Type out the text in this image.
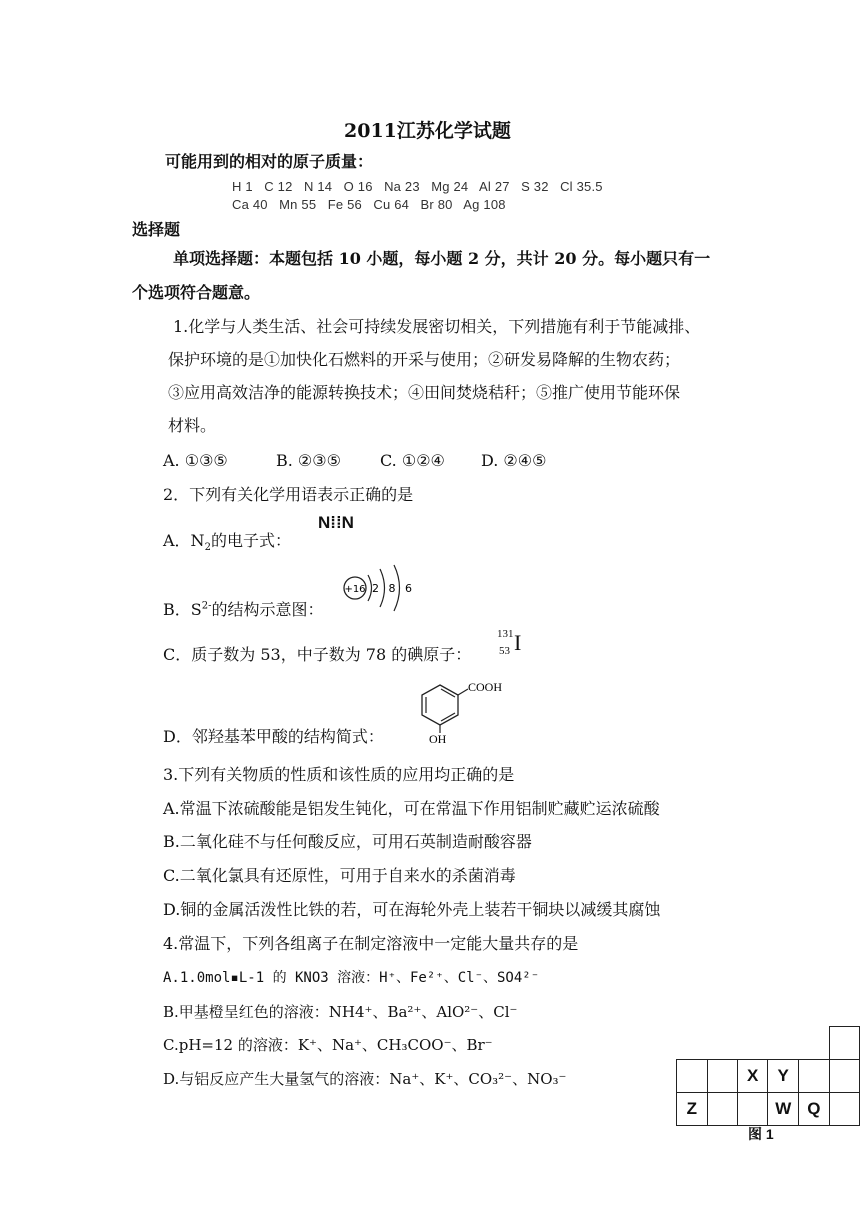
2011江苏化学试题
可能用到的相对的原子质量：
H 1   C 12   N 14   O 16   Na 23   Mg 24   Al 27   S 32   Cl 35.5
Ca 40   Mn 55   Fe 56   Cu 64   Br 80   Ag 108
选择题
单项选择题：本题包括 10 小题，每小题 2 分，共计 20 分。每小题只有一
个选项符合题意。
1.化学与人类生活、社会可持续发展密切相关，下列措施有利于节能减排、
保护环境的是①加快化石燃料的开采与使用；②研发易降解的生物农药；
③应用高效洁净的能源转换技术；④田间焚烧秸秆；⑤推广使用节能环保
材料。
A. ①③⑤	B. ②③⑤ C. ①②④ D. ②④⑤
2．下列有关化学用语表示正确的是
A．$N_2$的电子式：
N⁞⁞N
B．$S^{2-}$的结构示意图：
+16 2 8 6
C．质子数为 53，中子数为 78 的碘原子：
131
53 I
D．邻羟基苯甲酸的结构简式：
COOH
OH
3.下列有关物质的性质和该性质的应用均正确的是
A.常温下浓硫酸能是铝发生钝化，可在常温下作用铝制贮藏贮运浓硫酸
B.二氧化硅不与任何酸反应，可用石英制造耐酸容器
C.二氧化氯具有还原性，可用于自来水的杀菌消毒
D.铜的金属活泼性比铁的若，可在海轮外壳上装若干铜块以减缓其腐蚀
4.常温下，下列各组离子在制定溶液中一定能大量共存的是
A.1.0mol▪L-1 的 KNO3 溶液：H⁺、Fe²⁺、Cl⁻、SO4²⁻
B.甲基橙呈红色的溶液：NH4⁺、Ba²⁺、AlO²⁻、Cl⁻
C.pH=12 的溶液：K⁺、Na⁺、CH₃COO⁻、Br⁻
D.与铝反应产生大量氢气的溶液：Na⁺、K⁺、CO₃²⁻、NO₃⁻

			X	Y		
Z			W	Q	
图 1
